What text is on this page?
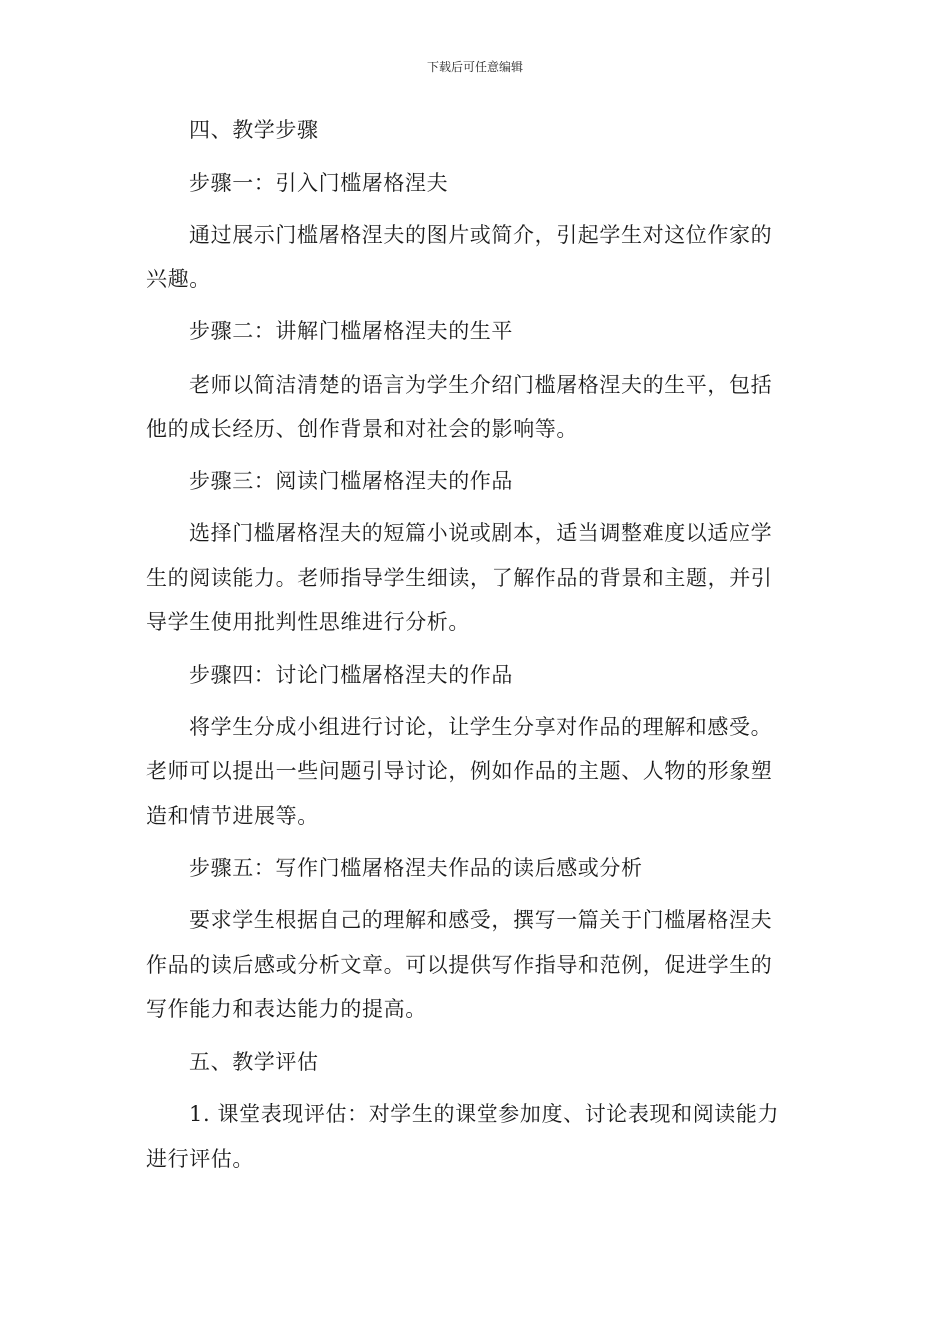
下载后可任意编辑
四、教学步骤
步骤一：引入门槛屠格涅夫
通过展示门槛屠格涅夫的图片或简介，引起学生对这位作家的
兴趣。
步骤二：讲解门槛屠格涅夫的生平
老师以简洁清楚的语言为学生介绍门槛屠格涅夫的生平，包括
他的成长经历、创作背景和对社会的影响等。
步骤三：阅读门槛屠格涅夫的作品
选择门槛屠格涅夫的短篇小说或剧本，适当调整难度以适应学
生的阅读能力。老师指导学生细读，了解作品的背景和主题，并引
导学生使用批判性思维进行分析。
步骤四：讨论门槛屠格涅夫的作品
将学生分成小组进行讨论，让学生分享对作品的理解和感受。
老师可以提出一些问题引导讨论，例如作品的主题、人物的形象塑
造和情节进展等。
步骤五：写作门槛屠格涅夫作品的读后感或分析
要求学生根据自己的理解和感受，撰写一篇关于门槛屠格涅夫
作品的读后感或分析文章。可以提供写作指导和范例，促进学生的
写作能力和表达能力的提高。
五、教学评估
1. 课堂表现评估：对学生的课堂参加度、讨论表现和阅读能力
进行评估。
